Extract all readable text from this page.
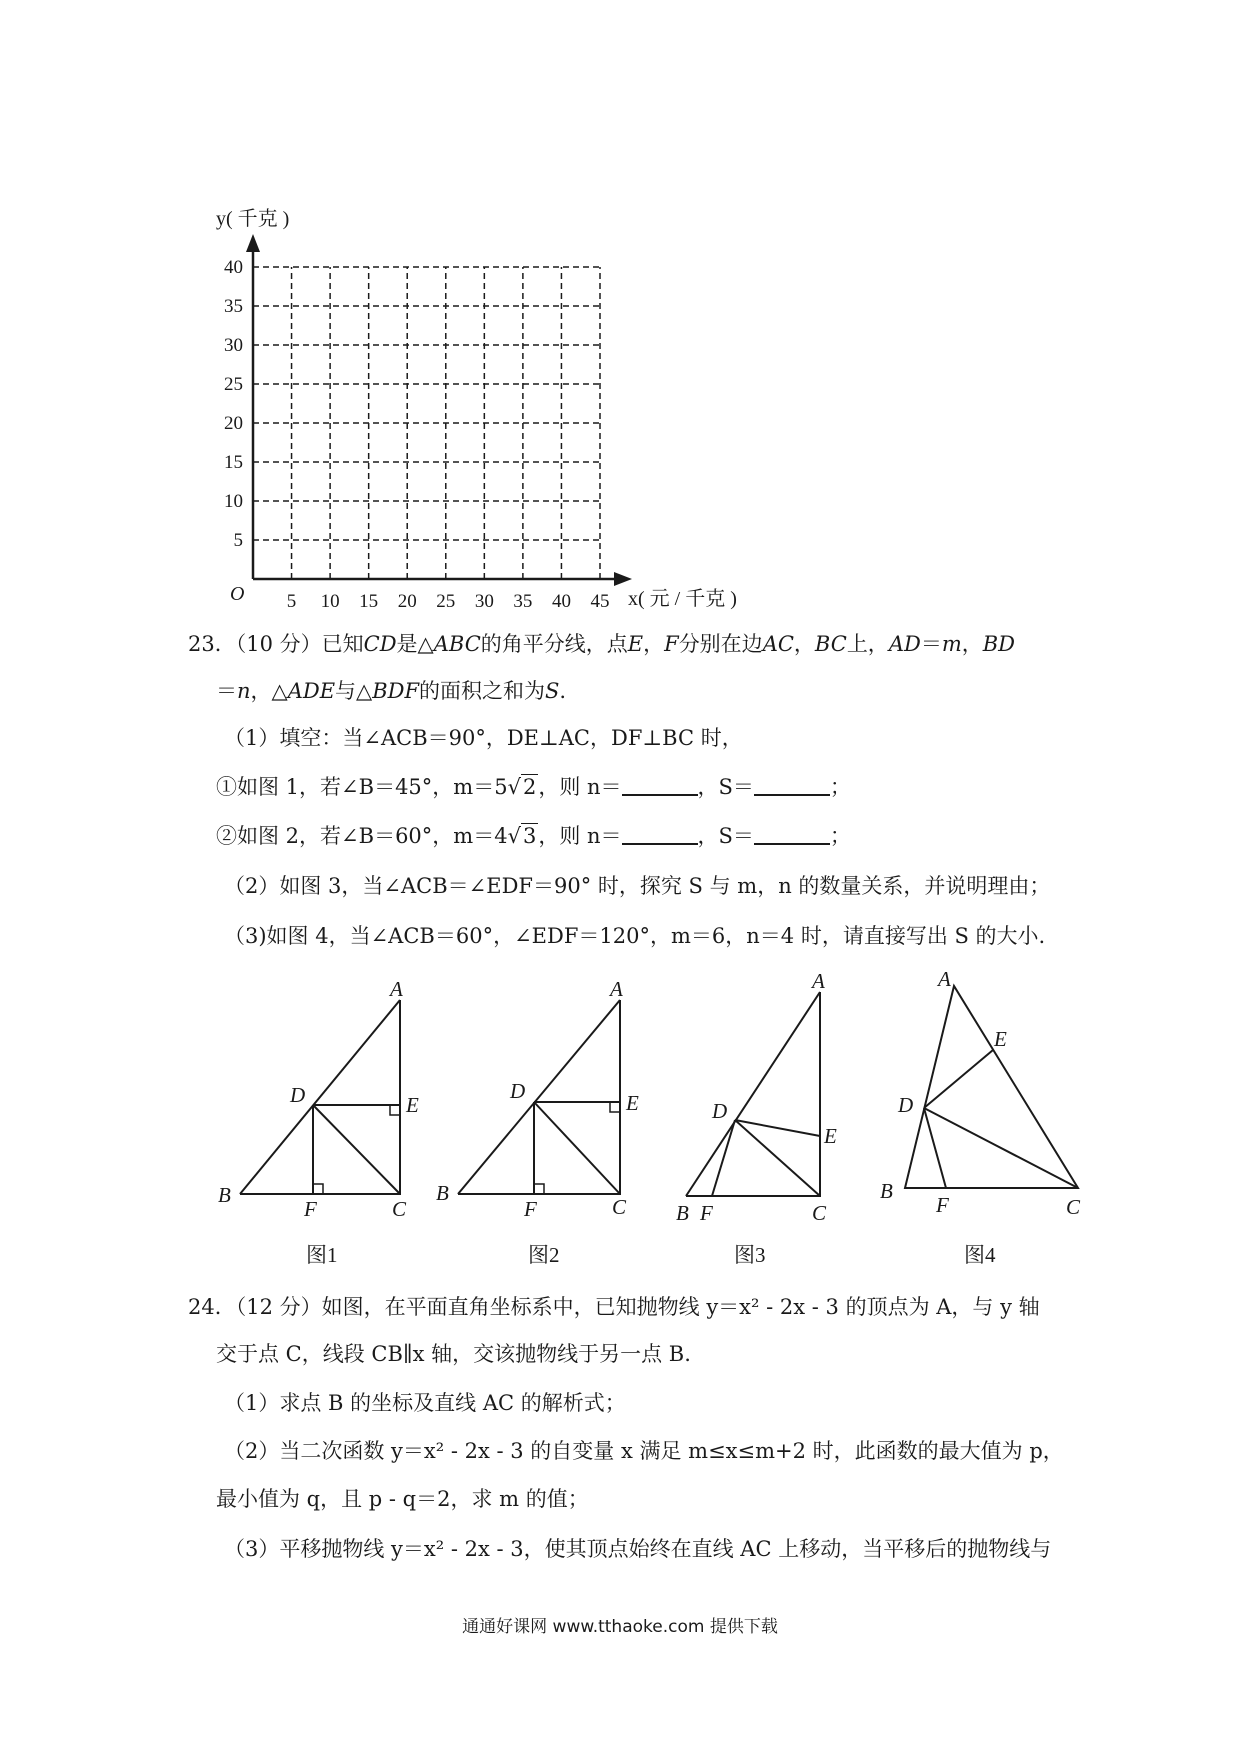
5 10 15 20 25 30 35 40 45
5
10
15
20
25
30
35
40
y( 千克 )
x( 元 / 千克 )
O
23．（10 分）已知CD是△ABC的角平分线，点E，F分别在边AC，BC上，AD＝m，BD
＝n，△ADE与△BDF的面积之和为S.
（1）填空：当∠ACB＝90°，DE⊥AC，DF⊥BC 时，
①如图 1，若∠B＝45°，m＝5√2，则 n＝	，S＝	；
②如图 2，若∠B＝60°，m＝4√3，则 n＝	，S＝	；
（2）如图 3，当∠ACB＝∠EDF＝90° 时，探究 S 与 m，n 的数量关系，并说明理由；
（3)如图 4，当∠ACB＝60°，∠EDF＝120°，m＝6，n＝4 时，请直接写出 S 的大小.
A
B
C
D	E
F
A
B
C
D	E
F
A
B	C
D
E
F
A
B
C
D
E
F
图1	图2	图3	图4
24．（12 分）如图，在平面直角坐标系中，已知抛物线 y＝x² - 2x - 3 的顶点为 A，与 y 轴
交于点 C，线段 CB∥x 轴，交该抛物线于另一点 B.
（1）求点 B 的坐标及直线 AC 的解析式；
（2）当二次函数 y＝x² - 2x - 3 的自变量 x 满足 m≤x≤m+2 时，此函数的最大值为 p，
最小值为 q，且 p - q＝2，求 m 的值；
（3）平移抛物线 y＝x² - 2x - 3，使其顶点始终在直线 AC 上移动，当平移后的抛物线与
通通好课网 www.tthaoke.com 提供下载
